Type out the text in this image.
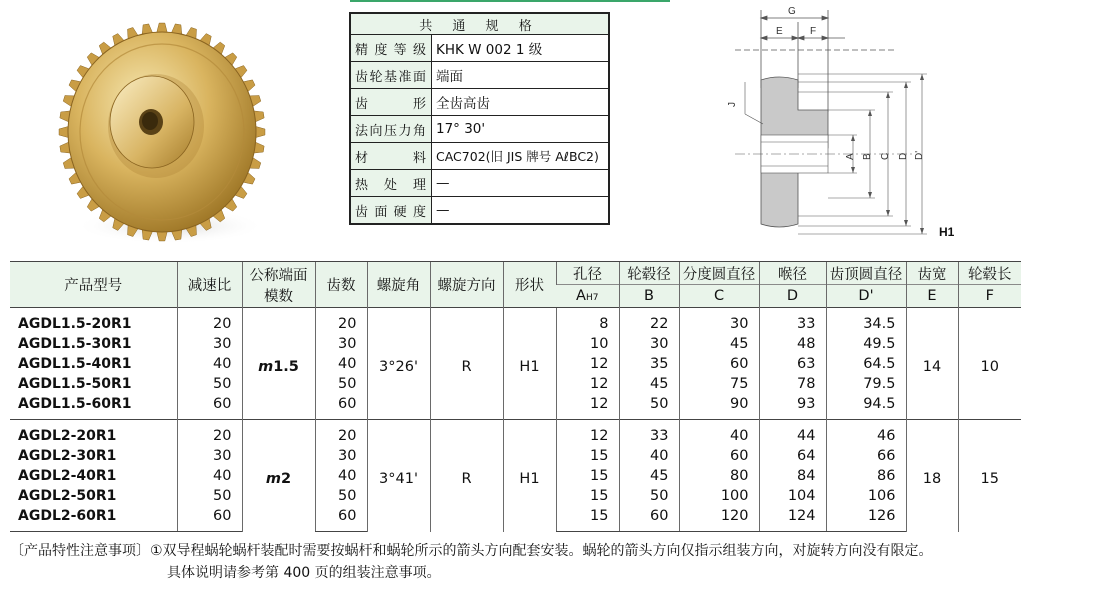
共 通 规 格	
精度等级	KHK W 002 1 级
齿轮基准面	端面
齿　　形	全齿高齿
法向压力角	17° 30'
材　　料	CAC702(旧 JIS 牌号 AℓBC2)
热 处 理	—
齿面硬度	—
G
E	F
J
A B C D D'
H1
产品型号	减速比	公称端面
模数	齿数	螺旋角	螺旋方向	形状	孔径	轮毂径	分度圆直径	喉径	齿顶圆直径	齿宽	轮毂长
							AH7	B	C	D	D'	E	F
AGDL1.5-20R1	20	m1.5	20	3°26'	R	H1	8	22	30	33	34.5	14	10
AGDL1.5-30R1	30		30				10	30	45	48	49.5		
AGDL1.5-40R1	40		40				12	35	60	63	64.5		
AGDL1.5-50R1	50		50				12	45	75	78	79.5		
AGDL1.5-60R1	60		60				12	50	90	93	94.5		
AGDL2-20R1	20	m2	20	3°41'	R	H1	12	33	40	44	46	18	15
AGDL2-30R1	30		30				15	40	60	64	66		
AGDL2-40R1	40		40				15	45	80	84	86		
AGDL2-50R1	50		50				15	50	100	104	106		
AGDL2-60R1	60		60				15	60	120	124	126		
〔产品特性注意事项〕①双导程蜗轮蜗杆装配时需要按蜗杆和蜗轮所示的箭头方向配套安装。蜗轮的箭头方向仅指示组装方向，对旋转方向没有限定。
具体说明请参考第 400 页的组装注意事项。
